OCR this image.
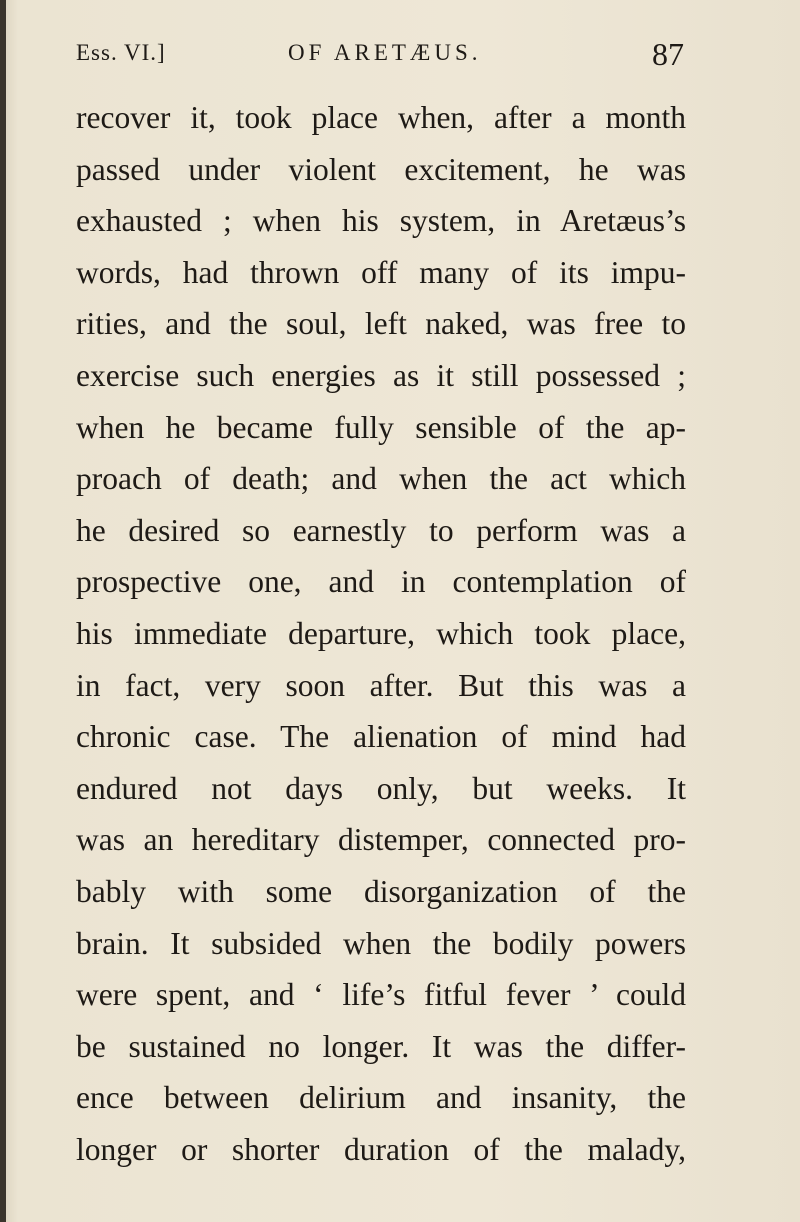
Ess. VI.]	OF ARETÆUS.	87
recover it, took place when, after a month
passed under violent excitement, he was
exhausted ; when his system, in Aretæus’s
words, had thrown off many of its impu-
rities, and the soul, left naked, was free to
exercise such energies as it still possessed ;
when he became fully sensible of the ap-
proach of death; and when the act which
he desired so earnestly to perform was a
prospective one, and in contemplation of
his immediate departure, which took place,
in fact, very soon after. But this was a
chronic case. The alienation of mind had
endured not days only, but weeks. It
was an hereditary distemper, connected pro-
bably with some disorganization of the
brain. It subsided when the bodily powers
were spent, and ‘ life’s fitful fever ’ could
be sustained no longer. It was the differ-
ence between delirium and insanity, the
longer or shorter duration of the malady,
